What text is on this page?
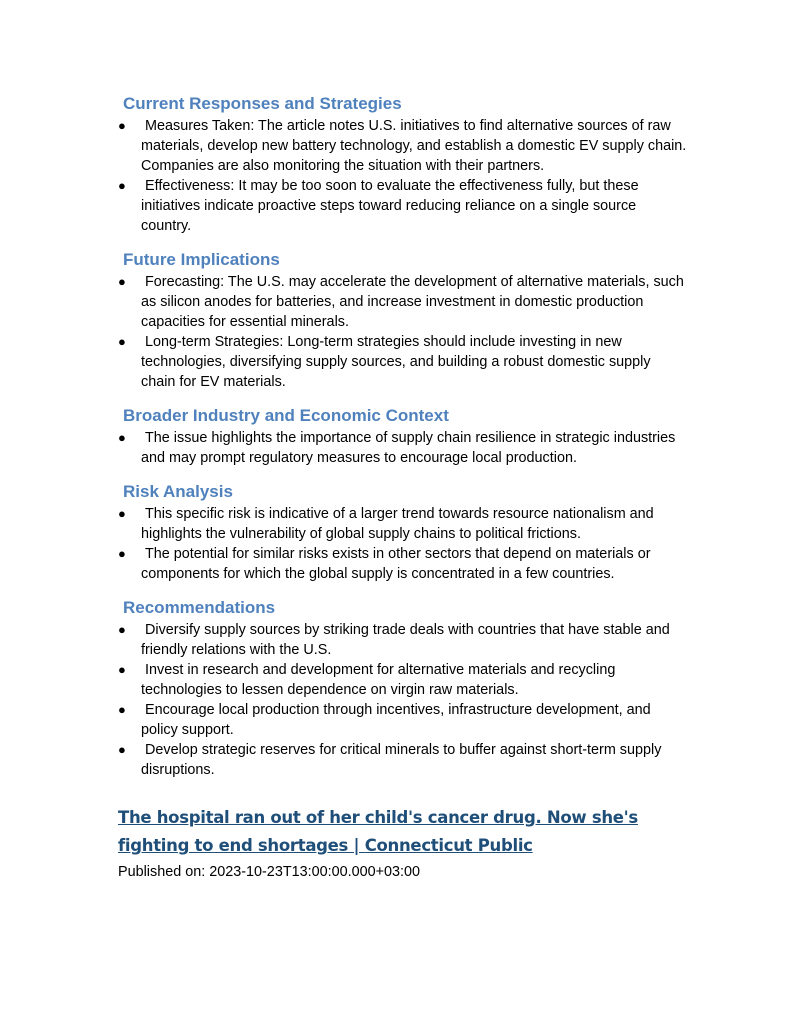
Current Responses and Strategies
●	Measures Taken: The article notes U.S. initiatives to find alternative sources of raw materials, develop new battery technology, and establish a domestic EV supply chain. Companies are also monitoring the situation with their partners.
●	Effectiveness: It may be too soon to evaluate the effectiveness fully, but these initiatives indicate proactive steps toward reducing reliance on a single source country.
Future Implications
●	Forecasting: The U.S. may accelerate the development of alternative materials, such as silicon anodes for batteries, and increase investment in domestic production capacities for essential minerals.
●	Long-term Strategies: Long-term strategies should include investing in new technologies, diversifying supply sources, and building a robust domestic supply chain for EV materials.
Broader Industry and Economic Context
●	The issue highlights the importance of supply chain resilience in strategic industries and may prompt regulatory measures to encourage local production.
Risk Analysis
●	This specific risk is indicative of a larger trend towards resource nationalism and highlights the vulnerability of global supply chains to political frictions.
●	The potential for similar risks exists in other sectors that depend on materials or components for which the global supply is concentrated in a few countries.
Recommendations
●	Diversify supply sources by striking trade deals with countries that have stable and friendly relations with the U.S.
●	Invest in research and development for alternative materials and recycling technologies to lessen dependence on virgin raw materials.
●	Encourage local production through incentives, infrastructure development, and policy support.
●	Develop strategic reserves for critical minerals to buffer against short-term supply disruptions.
The hospital ran out of her child's cancer drug. Now she's fighting to end shortages | Connecticut Public
Published on: 2023-10-23T13:00:00.000+03:00
